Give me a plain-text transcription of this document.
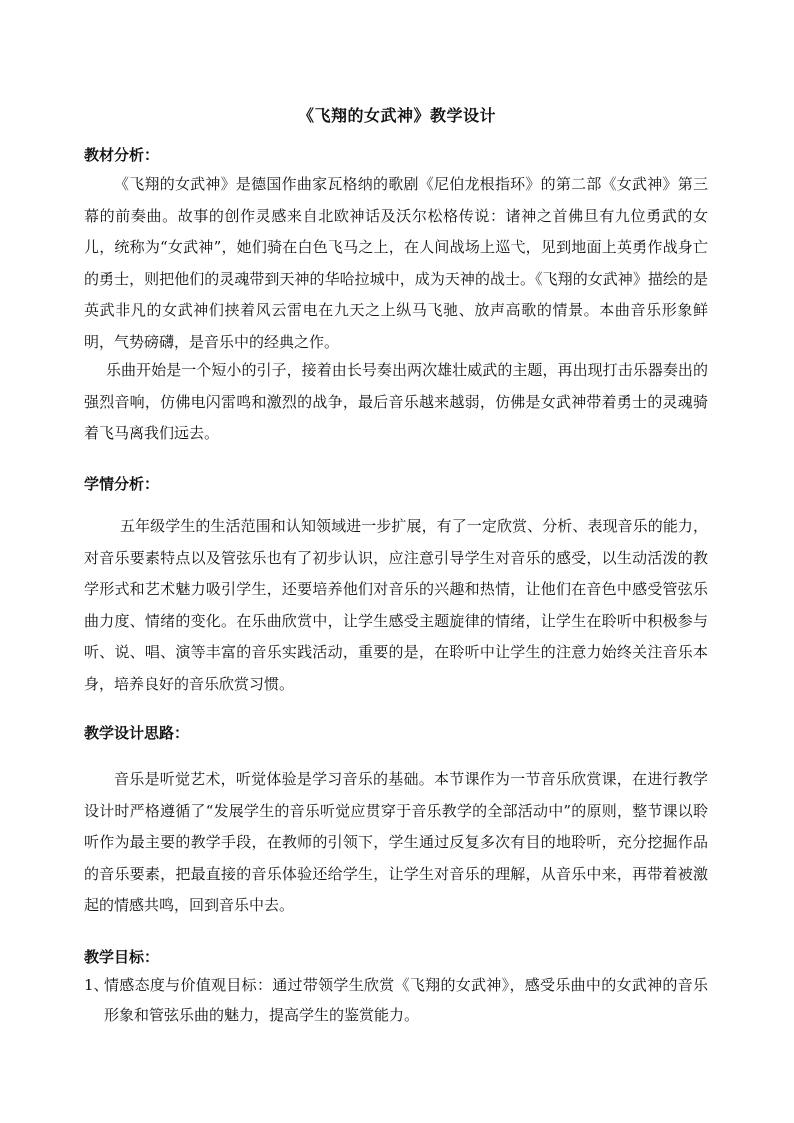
《飞翔的女武神》教学设计
教材分析：

《飞翔的女武神》是德国作曲家瓦格纳的歌剧《尼伯龙根指环》的第二部《女武神》第三幕的前奏曲。故事的创作灵感来自北欧神话及沃尔松格传说：诸神之首佛旦有九位勇武的女儿，统称为“女武神”，她们骑在白色飞马之上，在人间战场上巡弋，见到地面上英勇作战身亡的勇士，则把他们的灵魂带到天神的华哈拉城中，成为天神的战士。《飞翔的女武神》描绘的是英武非凡的女武神们挟着风云雷电在九天之上纵马飞驰、放声高歌的情景。本曲音乐形象鲜明，气势磅礴，是音乐中的经典之作。

乐曲开始是一个短小的引子，接着由长号奏出两次雄壮威武的主题，再出现打击乐器奏出的强烈音响，仿佛电闪雷鸣和激烈的战争，最后音乐越来越弱，仿佛是女武神带着勇士的灵魂骑着飞马离我们远去。

学情分析：

五年级学生的生活范围和认知领域进一步扩展，有了一定欣赏、分析、表现音乐的能力，对音乐要素特点以及管弦乐也有了初步认识，应注意引导学生对音乐的感受，以生动活泼的教学形式和艺术魅力吸引学生，还要培养他们对音乐的兴趣和热情，让他们在音色中感受管弦乐曲力度、情绪的变化。在乐曲欣赏中，让学生感受主题旋律的情绪，让学生在聆听中积极参与听、说、唱、演等丰富的音乐实践活动，重要的是，在聆听中让学生的注意力始终关注音乐本身，培养良好的音乐欣赏习惯。

教学设计思路：

音乐是听觉艺术，听觉体验是学习音乐的基础。本节课作为一节音乐欣赏课，在进行教学设计时严格遵循了“发展学生的音乐听觉应贯穿于音乐教学的全部活动中”的原则，整节课以聆听作为最主要的教学手段，在教师的引领下，学生通过反复多次有目的地聆听，充分挖掘作品的音乐要素，把最直接的音乐体验还给学生，让学生对音乐的理解，从音乐中来，再带着被激起的情感共鸣，回到音乐中去。

教学目标：
1、
情感态度与价值观目标：通过带领学生欣赏《飞翔的女武神》，感受乐曲中的女武神的音乐形象和管弦乐曲的魅力，提高学生的鉴赏能力。
